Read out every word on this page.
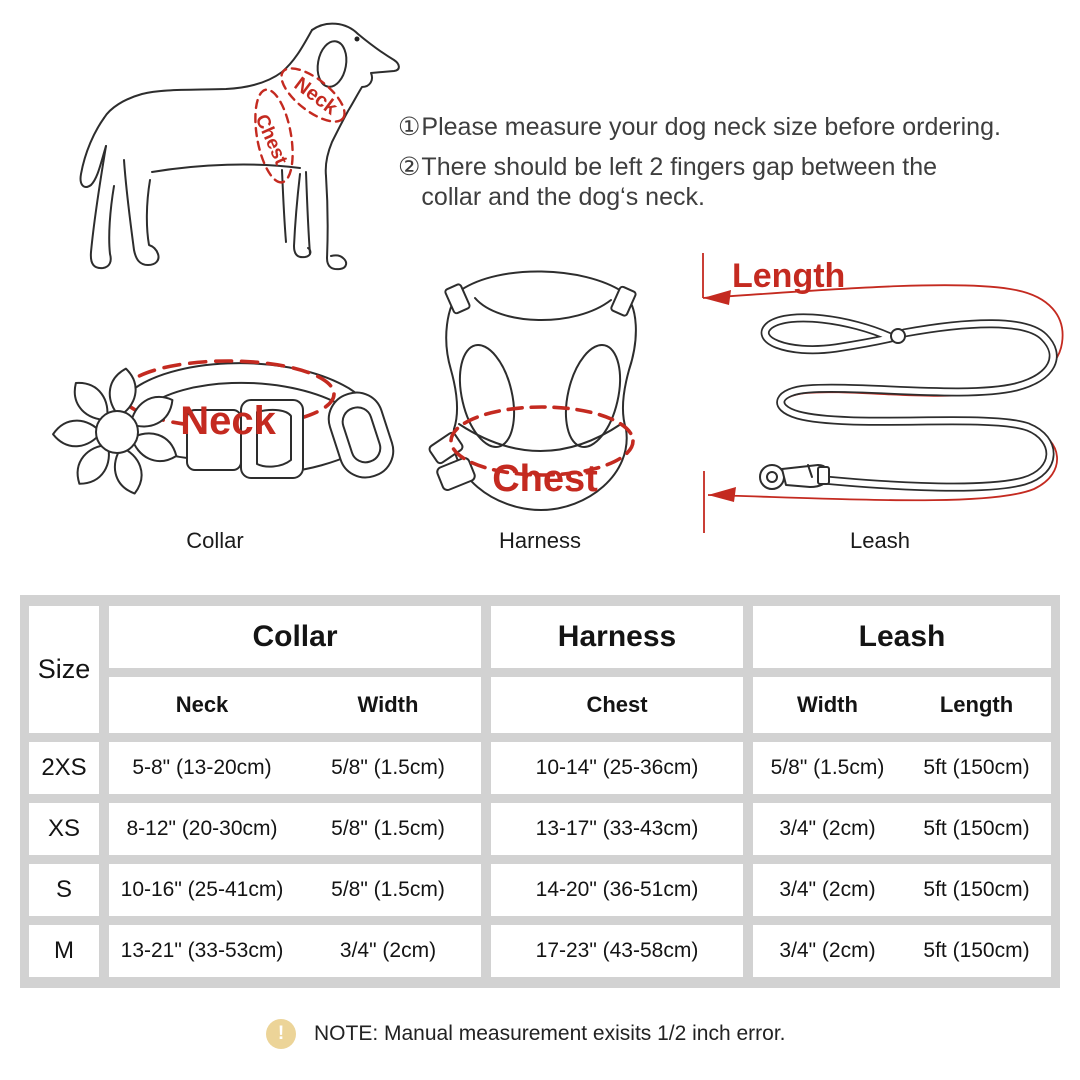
Neck
Chest	① Please measure your dog neck size before ordering.
② There should be left 2 fingers gap between the collar and the dog‘s neck.
Neck
Collar
Chest
Harness
Length
Leash
Size
Collar	Harness	Leash
Neck	Width	Chest	Width	Length
2XS	5-8" (13-20cm)	5/8" (1.5cm)	10-14" (25-36cm)	5/8" (1.5cm)	5ft (150cm)
XS	8-12" (20-30cm)	5/8" (1.5cm)	13-17" (33-43cm)	3/4" (2cm)	5ft (150cm)
S	10-16" (25-41cm)	5/8" (1.5cm)	14-20" (36-51cm)	3/4" (2cm)	5ft (150cm)
M	13-21" (33-53cm)	3/4" (2cm)	17-23" (43-58cm)	3/4" (2cm)	5ft (150cm)
!	NOTE: Manual measurement exisits 1/2 inch error.
